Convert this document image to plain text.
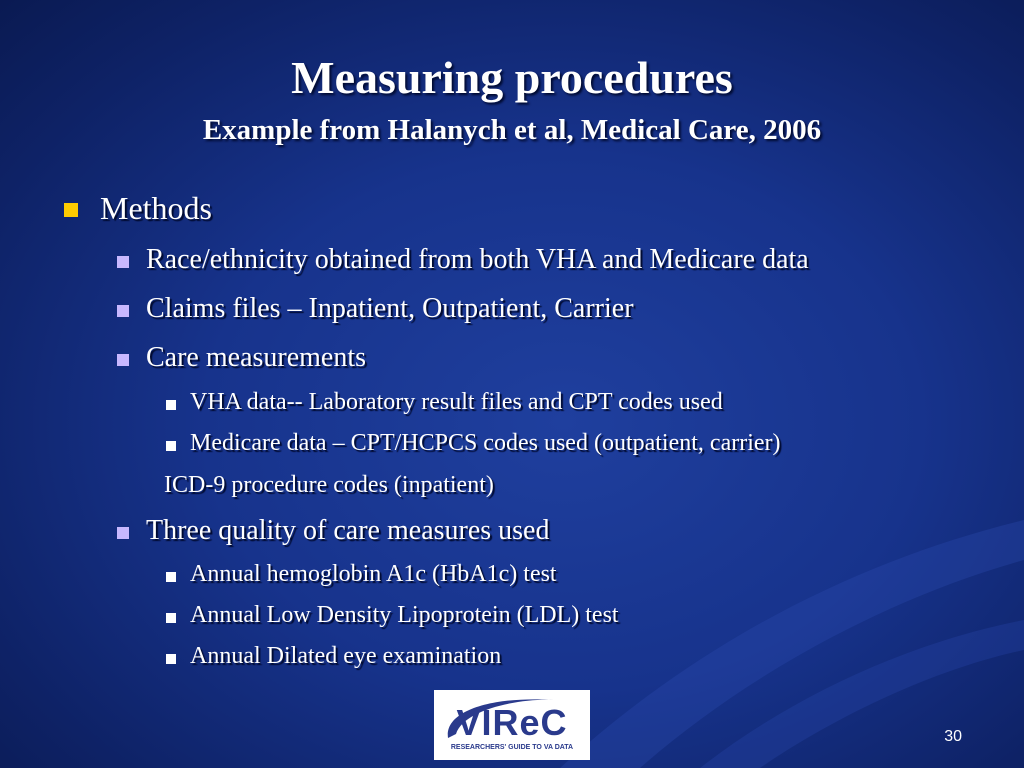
Measuring procedures
Example from Halanych et al, Medical Care, 2006
Methods
Race/ethnicity obtained from both VHA and Medicare data
Claims files – Inpatient, Outpatient, Carrier
Care measurements
VHA data-- Laboratory result files and CPT codes used
Medicare data – CPT/HCPCS codes used (outpatient, carrier)
ICD-9 procedure codes (inpatient)
Three quality of care measures used
Annual hemoglobin A1c (HbA1c) test
Annual Low Density Lipoprotein (LDL) test
Annual Dilated eye examination
VIReC
RESEARCHERS' GUIDE TO VA DATA
30
